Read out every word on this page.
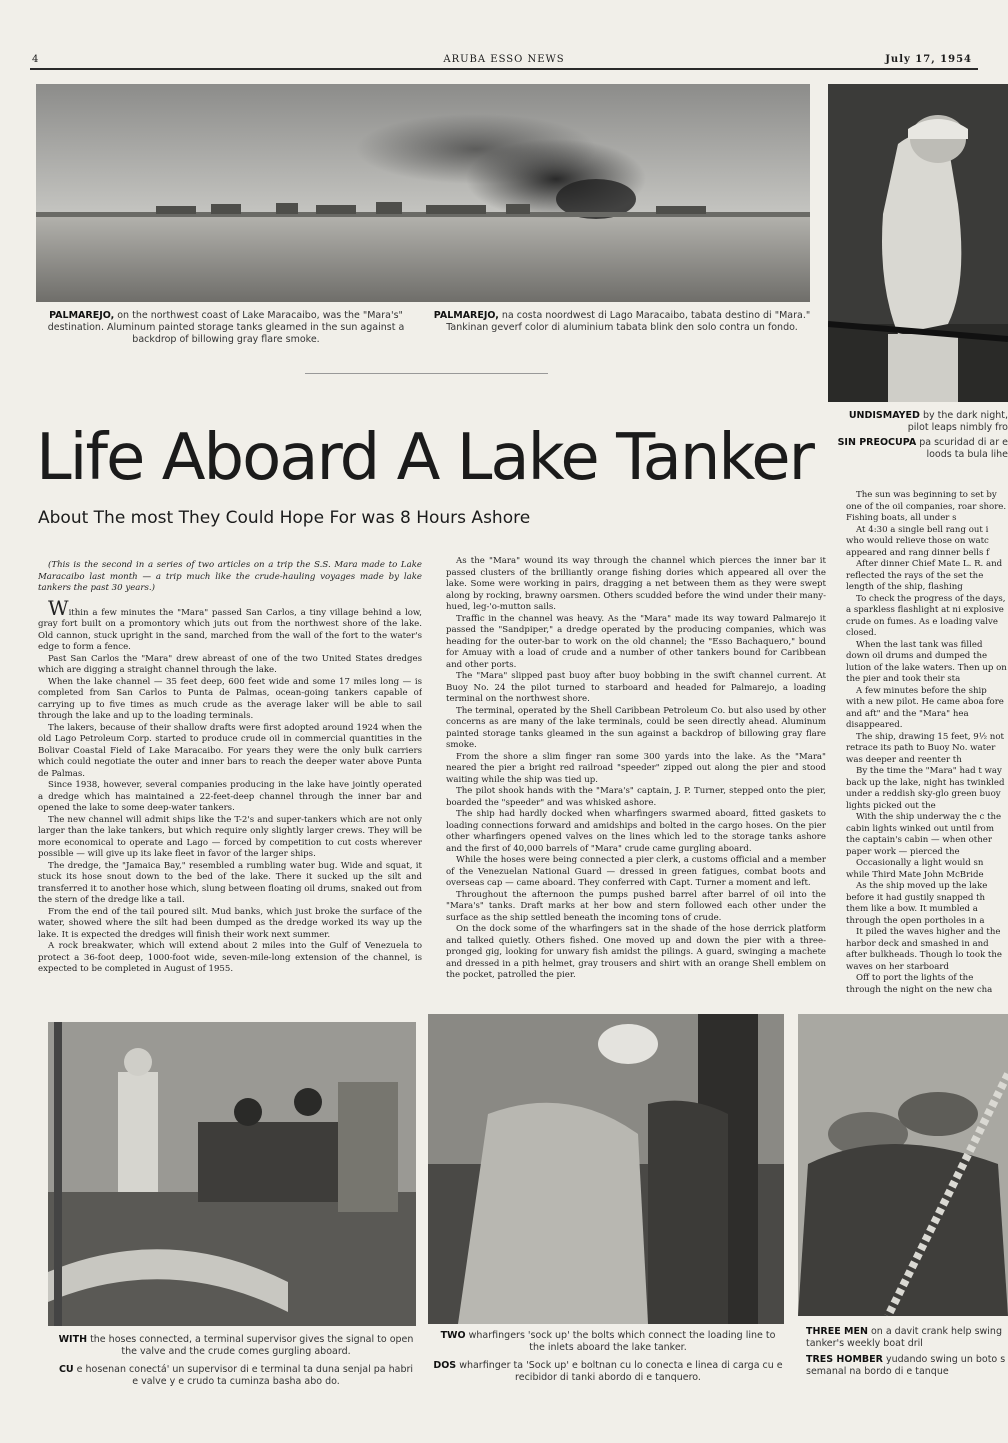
4	ARUBA ESSO NEWS	July 17, 1954
PALMAREJO, on the northwest coast of Lake Maracaibo, was the "Mara's" destination. Aluminum painted storage tanks gleamed in the sun against a backdrop of billowing gray flare smoke.
PALMAREJO, na costa noordwest di Lago Maracaibo, tabata destino di "Mara." Tankinan geverf color di aluminium tabata blink den solo contra un fondo.
UNDISMAYED by the dark night, pilot leaps nimbly fro
SIN PREOCUPA pa scuridad di ar e loods ta bula lihe
Life Aboard A Lake Tanker
About The most They Could Hope For was 8 Hours Ashore

(This is the second in a series of two articles on a trip the S.S. Mara made to Lake Maracaibo last month — a trip much like the crude-hauling voyages made by lake tankers the past 30 years.)

Within a few minutes the "Mara" passed San Carlos, a tiny village behind a low, gray fort built on a promontory which juts out from the northwest shore of the lake. Old cannon, stuck upright in the sand, marched from the wall of the fort to the water's edge to form a fence.

Past San Carlos the "Mara" drew abreast of one of the two United States dredges which are digging a straight channel through the lake.

When the lake channel — 35 feet deep, 600 feet wide and some 17 miles long — is completed from San Carlos to Punta de Palmas, ocean-going tankers capable of carrying up to five times as much crude as the average laker will be able to sail through the lake and up to the loading terminals.

The lakers, because of their shallow drafts were first adopted around 1924 when the old Lago Petroleum Corp. started to produce crude oil in commercial quantities in the Bolivar Coastal Field of Lake Maracaibo. For years they were the only bulk carriers which could negotiate the outer and inner bars to reach the deeper water above Punta de Palmas.

Since 1938, however, several companies producing in the lake have jointly operated a dredge which has maintained a 22-feet-deep channel through the inner bar and opened the lake to some deep-water tankers.

The new channel will admit ships like the T-2's and super-tankers which are not only larger than the lake tankers, but which require only slightly larger crews. They will be more economical to operate and Lago — forced by competition to cut costs wherever possible — will give up its lake fleet in favor of the larger ships.

The dredge, the "Jamaica Bay," resembled a rumbling water bug. Wide and squat, it stuck its hose snout down to the bed of the lake. There it sucked up the silt and transferred it to another hose which, slung between floating oil drums, snaked out from the stern of the dredge like a tail.

From the end of the tail poured silt. Mud banks, which just broke the surface of the water, showed where the silt had been dumped as the dredge worked its way up the lake. It is expected the dredges will finish their work next summer.

A rock breakwater, which will extend about 2 miles into the Gulf of Venezuela to protect a 36-foot deep, 1000-foot wide, seven-mile-long extension of the channel, is expected to be completed in August of 1955.

As the "Mara" wound its way through the channel which pierces the inner bar it passed clusters of the brilliantly orange fishing dories which appeared all over the lake. Some were working in pairs, dragging a net between them as they were swept along by rocking, brawny oarsmen. Others scudded before the wind under their many-hued, leg-'o-mutton sails.

Traffic in the channel was heavy. As the "Mara" made its way toward Palmarejo it passed the "Sandpiper," a dredge operated by the producing companies, which was heading for the outer-bar to work on the old channel; the "Esso Bachaquero," bound for Amuay with a load of crude and a number of other tankers bound for Caribbean and other ports.

The "Mara" slipped past buoy after buoy bobbing in the swift channel current. At Buoy No. 24 the pilot turned to starboard and headed for Palmarejo, a loading terminal on the northwest shore.

The terminal, operated by the Shell Caribbean Petroleum Co. but also used by other concerns as are many of the lake terminals, could be seen directly ahead. Aluminum painted storage tanks gleamed in the sun against a backdrop of billowing gray flare smoke.

From the shore a slim finger ran some 300 yards into the lake. As the "Mara" neared the pier a bright red railroad "speeder" zipped out along the pier and stood waiting while the ship was tied up.

The pilot shook hands with the "Mara's" captain, J. P. Turner, stepped onto the pier, boarded the "speeder" and was whisked ashore.

The ship had hardly docked when wharfingers swarmed aboard, fitted gaskets to loading connections forward and amidships and bolted in the cargo hoses. On the pier other wharfingers opened valves on the lines which led to the storage tanks ashore and the first of 40,000 barrels of "Mara" crude came gurgling aboard.

While the hoses were being connected a pier clerk, a customs official and a member of the Venezuelan National Guard — dressed in green fatigues, combat boots and overseas cap — came aboard. They conferred with Capt. Turner a moment and left.

Throughout the afternoon the pumps pushed barrel after barrel of oil into the "Mara's" tanks. Draft marks at her bow and stern followed each other under the surface as the ship settled beneath the incoming tons of crude.

On the dock some of the wharfingers sat in the shade of the hose derrick platform and talked quietly. Others fished. One moved up and down the pier with a three-pronged gig, looking for unwary fish amidst the pilings. A guard, swinging a machete and dressed in a pith helmet, gray trousers and shirt with an orange Shell emblem on the pocket, patrolled the pier.

The sun was beginning to set by one of the oil companies, roar shore. Fishing boats, all under s

At 4:30 a single bell rang out i who would relieve those on watc appeared and rang dinner bells f

After dinner Chief Mate L. R. and reflected the rays of the set the length of the ship, flashing

To check the progress of the days, a sparkless flashlight at ni explosive crude on fumes. As e loading valve closed.

When the last tank was filled down oil drums and dumped the lution of the lake waters. Then up on the pier and took their sta

A few minutes before the ship with a new pilot. He came aboa fore and aft" and the "Mara" hea disappeared.

The ship, drawing 15 feet, 9½ not retrace its path to Buoy No. water was deeper and reenter th

By the time the "Mara" had t way back up the lake, night has twinkled under a reddish sky-glo green buoy lights picked out the

With the ship underway the c the cabin lights winked out until from the captain's cabin — when other paper work — pierced the

Occasionally a light would sn while Third Mate John McBride

As the ship moved up the lake before it had gustily snapped th them like a bow. It mumbled a through the open portholes in a

It piled the waves higher and the harbor deck and smashed in and after bulkheads. Though lo took the waves on her starboard

Off to port the lights of the through the night on the new cha

WITH the hoses connected, a terminal supervisor gives the signal to open the valve and the crude comes gurgling aboard.
CU e hosenan conectá' un supervisor di e terminal ta duna senjal pa habri e valve y e crudo ta cuminza basha abo do.
TWO wharfingers 'sock up' the bolts which connect the loading line to the inlets aboard the lake tanker.
DOS wharfinger ta 'Sock up' e boltnan cu lo conecta e linea di carga cu e recibidor di tanki abordo di e tanquero.
THREE MEN on a davit crank help swing tanker's weekly boat dril
TRES HOMBER yudando swing un boto s semanal na bordo di e tanque
